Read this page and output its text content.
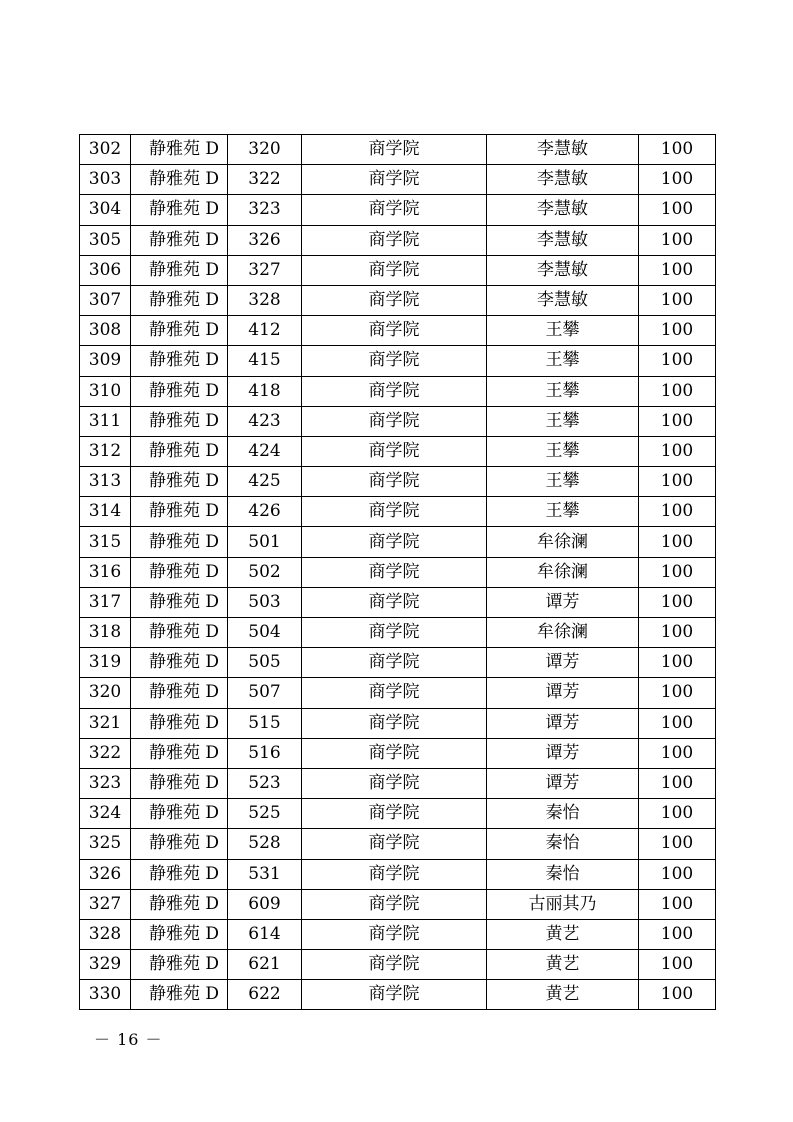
302	静雅苑 D	320	商学院	李慧敏	100
303	静雅苑 D	322	商学院	李慧敏	100
304	静雅苑 D	323	商学院	李慧敏	100
305	静雅苑 D	326	商学院	李慧敏	100
306	静雅苑 D	327	商学院	李慧敏	100
307	静雅苑 D	328	商学院	李慧敏	100
308	静雅苑 D	412	商学院	王攀	100
309	静雅苑 D	415	商学院	王攀	100
310	静雅苑 D	418	商学院	王攀	100
311	静雅苑 D	423	商学院	王攀	100
312	静雅苑 D	424	商学院	王攀	100
313	静雅苑 D	425	商学院	王攀	100
314	静雅苑 D	426	商学院	王攀	100
315	静雅苑 D	501	商学院	牟徐澜	100
316	静雅苑 D	502	商学院	牟徐澜	100
317	静雅苑 D	503	商学院	谭芳	100
318	静雅苑 D	504	商学院	牟徐澜	100
319	静雅苑 D	505	商学院	谭芳	100
320	静雅苑 D	507	商学院	谭芳	100
321	静雅苑 D	515	商学院	谭芳	100
322	静雅苑 D	516	商学院	谭芳	100
323	静雅苑 D	523	商学院	谭芳	100
324	静雅苑 D	525	商学院	秦怡	100
325	静雅苑 D	528	商学院	秦怡	100
326	静雅苑 D	531	商学院	秦怡	100
327	静雅苑 D	609	商学院	古丽其乃	100
328	静雅苑 D	614	商学院	黄艺	100
329	静雅苑 D	621	商学院	黄艺	100
330	静雅苑 D	622	商学院	黄艺	100
－ 16 －
